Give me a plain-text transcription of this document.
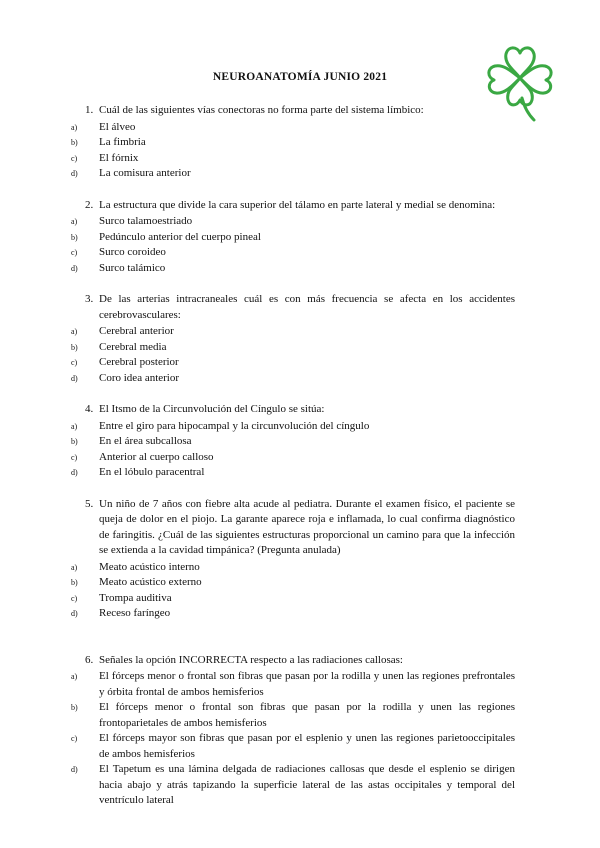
NEUROANATOMÍA JUNIO 2021
1. Cuál de las siguientes vías conectoras no forma parte del sistema límbico:
a)	El álveo
b)	La fimbria
c)	El fórnix
d)	La comisura anterior
2. La estructura que divide la cara superior del tálamo en parte lateral y medial se denomina:
a)	Surco talamoestriado
b)	Pedúnculo anterior del cuerpo pineal
c)	Surco coroideo
d)	Surco talámico
3. De las arterias intracraneales cuál es con más frecuencia se afecta en los accidentes cerebrovasculares:
a)	Cerebral anterior
b)	Cerebral media
c)	Cerebral posterior
d)	Coro idea anterior
4. El Itsmo de la Circunvolución del Cíngulo se sitúa:
a)	Entre el giro para hipocampal y la circunvolución del cíngulo
b)	En el área subcallosa
c)	Anterior al cuerpo calloso
d)	En el lóbulo paracentral
5. Un niño de 7 años con fiebre alta acude al pediatra. Durante el examen físico, el paciente se queja de dolor en el piojo. La garante aparece roja e inflamada, lo cual confirma diagnóstico de faringitis. ¿Cuál de las siguientes estructuras proporcional un camino para que la infección se extienda a la cavidad timpánica? (Pregunta anulada)
a)	Meato acústico interno
b)	Meato acústico externo
c)	Trompa auditiva
d)	Receso faríngeo
6. Señales la opción INCORRECTA respecto a las radiaciones callosas:
a)	El fórceps menor o frontal son fibras que pasan por la rodilla y unen las regiones prefrontales y órbita frontal de ambos hemisferios
b)	El fórceps menor o frontal son fibras que pasan por la rodilla y unen las regiones frontoparietales de ambos hemisferios
c)	El fórceps mayor son fibras que pasan por el esplenio y unen las regiones parietooccipitales de ambos hemisferios
d)	El Tapetum es una lámina delgada de radiaciones callosas que desde el esplenio se dirigen hacia abajo y atrás tapizando la superficie lateral de las astas occipitales y temporal del ventrículo lateral
